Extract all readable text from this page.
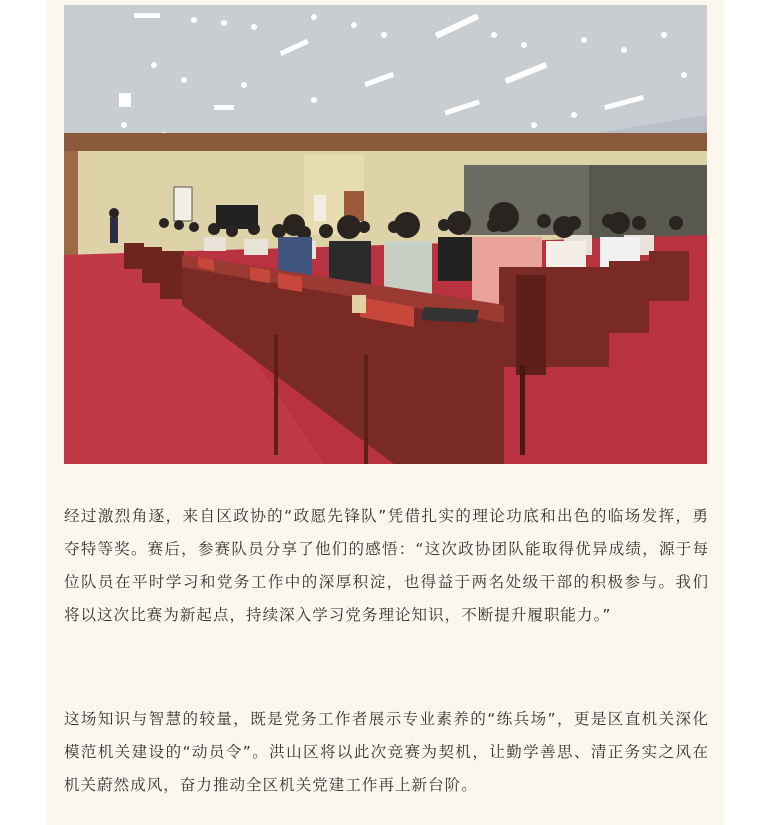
经过激烈角逐，来自区政协的“政愿先锋队”凭借扎实的理论功底和出色的临场发挥，勇夺特等奖。赛后，参赛队员分享了他们的感悟：“这次政协团队能取得优异成绩，源于每位队员在平时学习和党务工作中的深厚积淀，也得益于两名处级干部的积极参与。我们将以这次比赛为新起点，持续深入学习党务理论知识，不断提升履职能力。”

这场知识与智慧的较量，既是党务工作者展示专业素养的“练兵场”，更是区直机关深化模范机关建设的“动员令”。洪山区将以此次竞赛为契机，让勤学善思、清正务实之风在机关蔚然成风，奋力推动全区机关党建工作再上新台阶。
